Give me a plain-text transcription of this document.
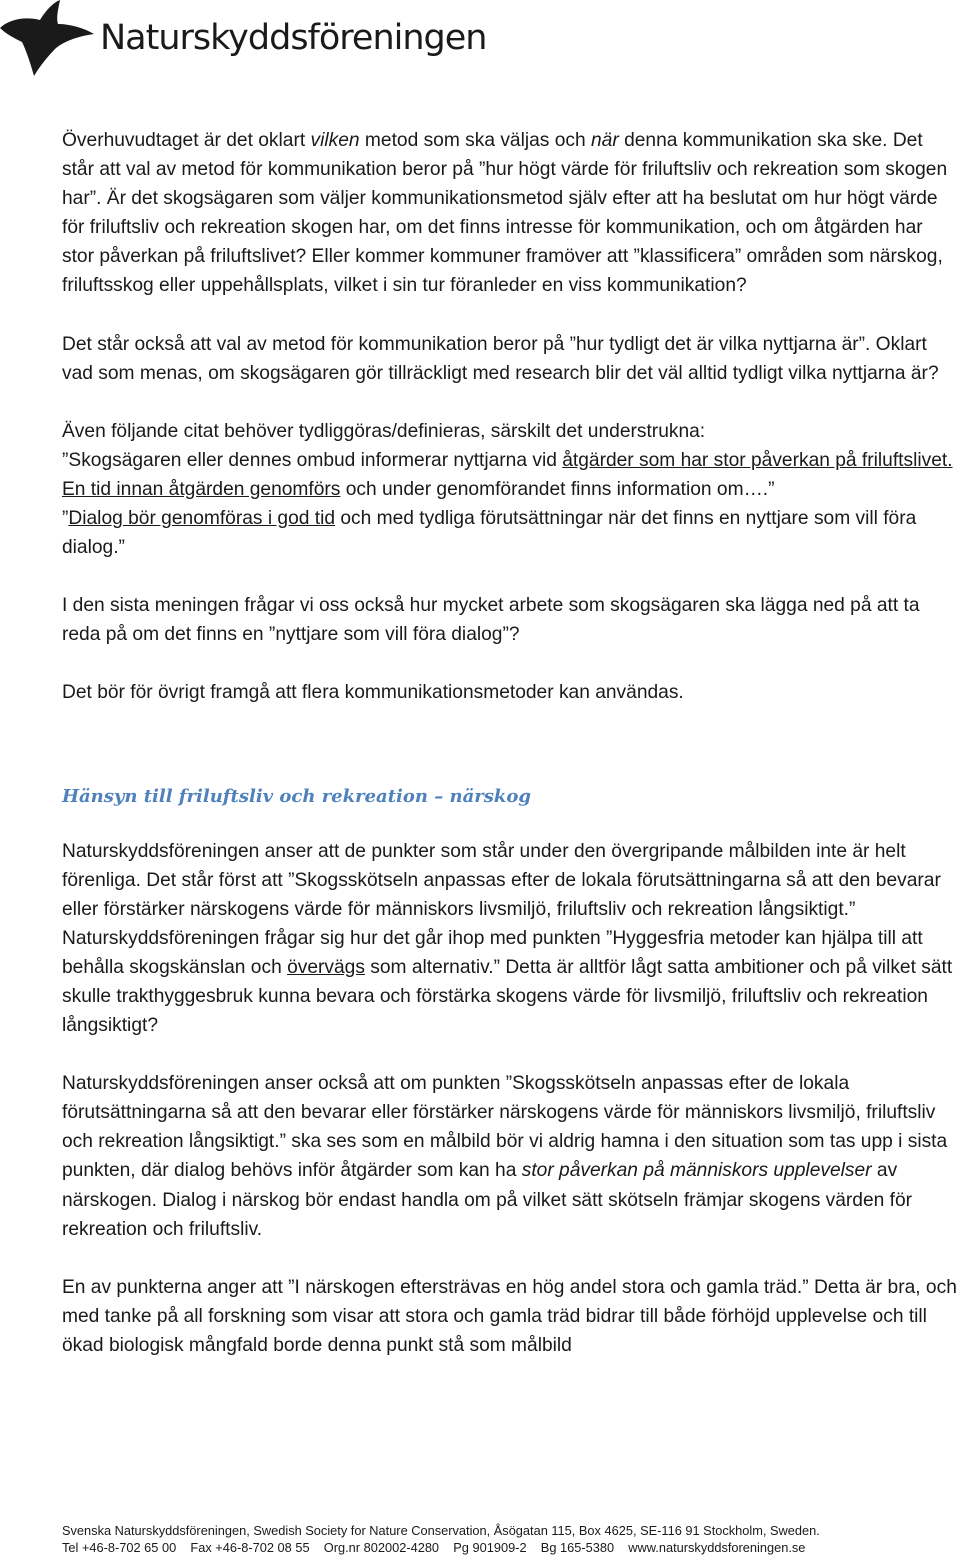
Naturskyddsföreningen

Överhuvudtaget är det oklart vilken metod som ska väljas och när denna kommunikation ska ske. Det står att val av metod för kommunikation beror på ”hur högt värde för friluftsliv och rekreation som skogen har”. Är det skogsägaren som väljer kommunikationsmetod själv efter att ha beslutat om hur högt värde för friluftsliv och rekreation skogen har, om det finns intresse för kommunikation, och om åtgärden har stor påverkan på friluftslivet? Eller kommer kommuner framöver att ”klassificera” områden som närskog, friluftsskog eller uppehållsplats, vilket i sin tur föranleder en viss kommunikation?

Det står också att val av metod för kommunikation beror på ”hur tydligt det är vilka nyttjarna är”. Oklart vad som menas, om skogsägaren gör tillräckligt med research blir det väl alltid tydligt vilka nyttjarna är?

Även följande citat behöver tydliggöras/definieras, särskilt det understrukna:

”Skogsägaren eller dennes ombud informerar nyttjarna vid åtgärder som har stor påverkan på friluftslivet. En tid innan åtgärden genomförs och under genomförandet finns information om….”

”Dialog bör genomföras i god tid och med tydliga förutsättningar när det finns en nyttjare som vill föra dialog.”

I den sista meningen frågar vi oss också hur mycket arbete som skogsägaren ska lägga ned på att ta reda på om det finns en ”nyttjare som vill föra dialog”?

Det bör för övrigt framgå att flera kommunikationsmetoder kan användas.

Hänsyn till friluftsliv och rekreation – närskog

Naturskyddsföreningen anser att de punkter som står under den övergripande målbilden inte är helt förenliga. Det står först att ”Skogsskötseln anpassas efter de lokala förutsättningarna så att den bevarar eller förstärker närskogens värde för människors livsmiljö, friluftsliv och rekreation långsiktigt.” Naturskyddsföreningen frågar sig hur det går ihop med punkten ”Hyggesfria metoder kan hjälpa till att behålla skogskänslan och övervägs som alternativ.” Detta är alltför lågt satta ambitioner och på vilket sätt skulle trakthyggesbruk kunna bevara och förstärka skogens värde för livsmiljö, friluftsliv och rekreation långsiktigt?

Naturskyddsföreningen anser också att om punkten ”Skogsskötseln anpassas efter de lokala förutsättningarna så att den bevarar eller förstärker närskogens värde för människors livsmiljö, friluftsliv och rekreation långsiktigt.” ska ses som en målbild bör vi aldrig hamna i den situation som tas upp i sista punkten, där dialog behövs inför åtgärder som kan ha stor påverkan på människors upplevelser av närskogen. Dialog i närskog bör endast handla om på vilket sätt skötseln främjar skogens värden för rekreation och friluftsliv.

En av punkterna anger att ”I närskogen eftersträvas en hög andel stora och gamla träd.” Detta är bra, och med tanke på all forskning som visar att stora och gamla träd bidrar till både förhöjd upplevelse och till ökad biologisk mångfald borde denna punkt stå som målbild

Svenska Naturskyddsföreningen, Swedish Society for Nature Conservation, Åsögatan 115, Box 4625, SE-116 91 Stockholm, Sweden.
Tel +46-8-702 65 00    Fax +46-8-702 08 55    Org.nr 802002-4280    Pg 901909-2    Bg 165-5380    www.naturskyddsforeningen.se
